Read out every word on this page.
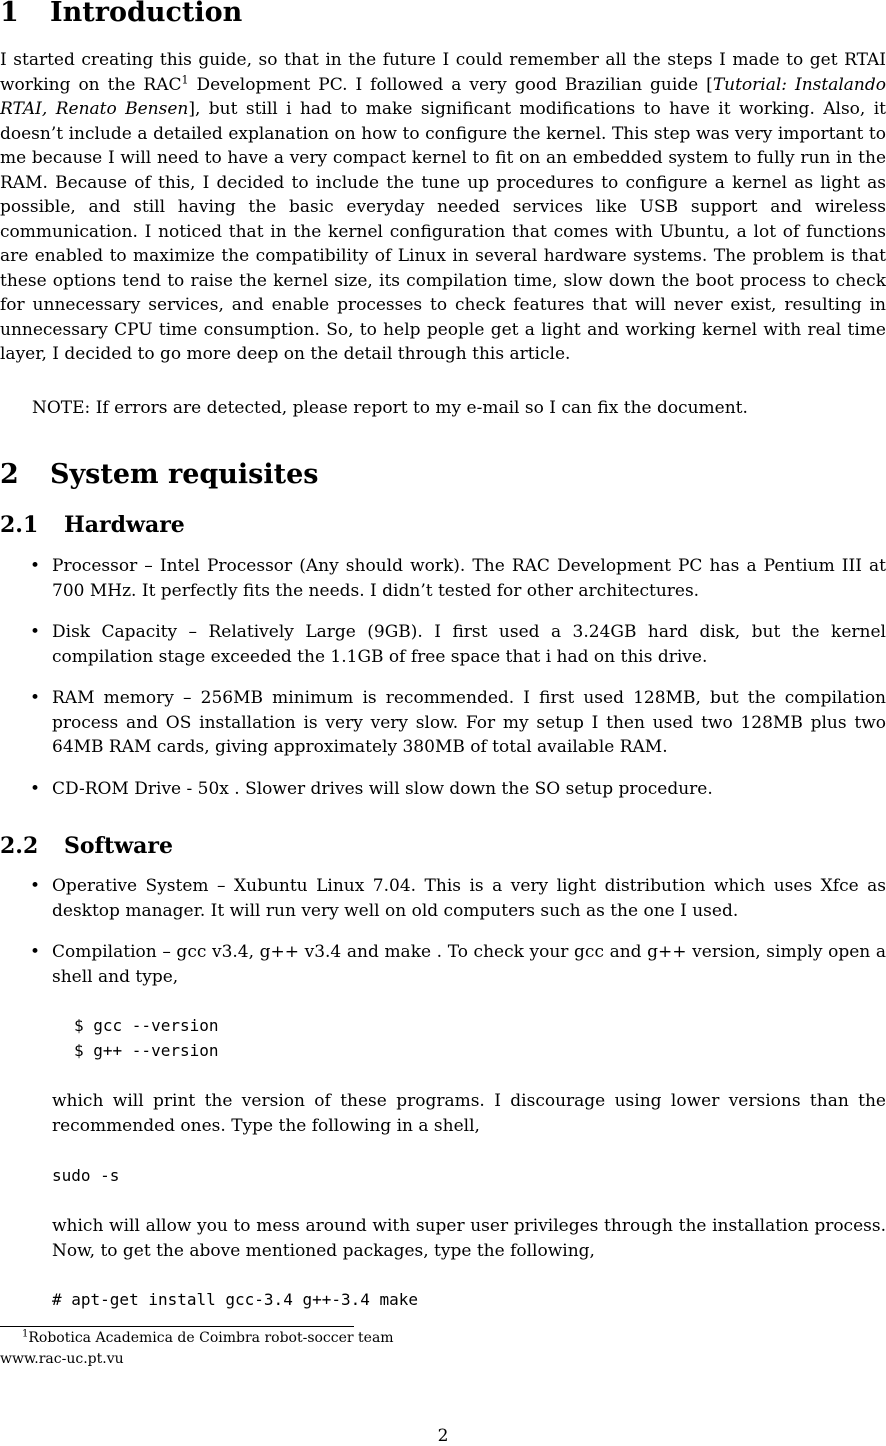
1 Introduction
I started creating this guide, so that in the future I could remember all the steps I made to get RTAI working on the RAC$^1$ Development PC. I followed a very good Brazilian guide [Tutorial: Instalando RTAI, Renato Bensen], but still i had to make significant modifications to have it working. Also, it doesn’t include a detailed explanation on how to configure the kernel. This step was very important to me because I will need to have a very compact kernel to fit on an embedded system to fully run in the RAM. Because of this, I decided to include the tune up procedures to configure a kernel as light as possible, and still having the basic everyday needed services like USB support and wireless communication. I noticed that in the kernel configuration that comes with Ubuntu, a lot of functions are enabled to maximize the compatibility of Linux in several hardware systems. The problem is that these options tend to raise the kernel size, its compilation time, slow down the boot process to check for unnecessary services, and enable processes to check features that will never exist, resulting in unnecessary CPU time consumption. So, to help people get a light and working kernel with real time layer, I decided to go more deep on the detail through this article.
NOTE: If errors are detected, please report to my e-mail so I can fix the document.
2 System requisites
2.1 Hardware
• Processor – Intel Processor (Any should work). The RAC Development PC has a Pentium III at 700 MHz. It perfectly fits the needs. I didn’t tested for other architectures.
• Disk Capacity – Relatively Large (9GB). I first used a 3.24GB hard disk, but the kernel compilation stage exceeded the 1.1GB of free space that i had on this drive.
• RAM memory – 256MB minimum is recommended. I first used 128MB, but the compilation process and OS installation is very very slow. For my setup I then used two 128MB plus two 64MB RAM cards, giving approximately 380MB of total available RAM.
• CD-ROM Drive - 50x . Slower drives will slow down the SO setup procedure.
2.2 Software
• Operative System – Xubuntu Linux 7.04. This is a very light distribution which uses Xfce as desktop manager. It will run very well on old computers such as the one I used.
• Compilation – gcc v3.4, g++ v3.4 and make . To check your gcc and g++ version, simply open a shell and type,
$ gcc --version
$ g++ --version
which will print the version of these programs. I discourage using lower versions than the recommended ones. Type the following in a shell,
sudo -s
which will allow you to mess around with super user privileges through the installation process. Now, to get the above mentioned packages, type the following,
# apt-get install gcc-3.4 g++-3.4 make
$^1$Robotica Academica de Coimbra robot-soccer team
www.rac-uc.pt.vu
2
